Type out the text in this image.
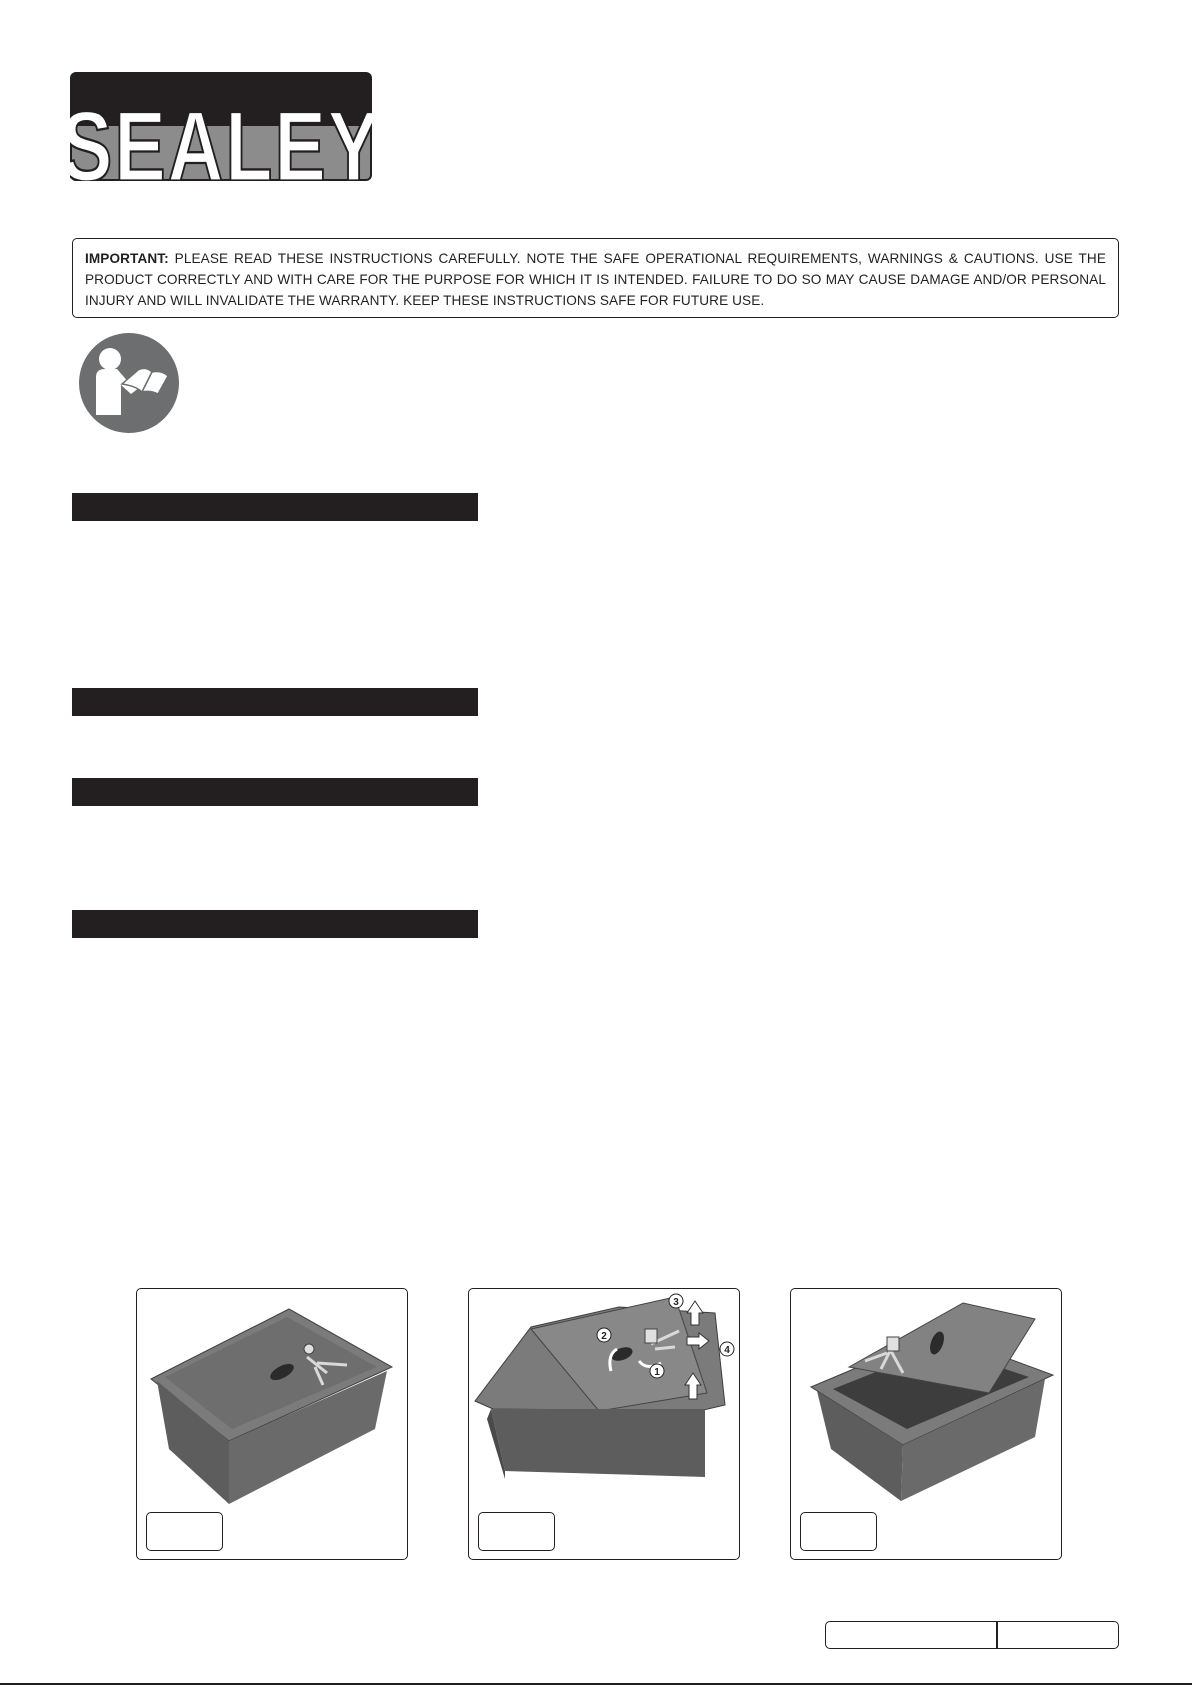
SEALEY
IMPORTANT: PLEASE READ THESE INSTRUCTIONS CAREFULLY. NOTE THE SAFE OPERATIONAL REQUIREMENTS, WARNINGS & CAUTIONS. USE THE PRODUCT CORRECTLY AND WITH CARE FOR THE PURPOSE FOR WHICH IT IS INTENDED. FAILURE TO DO SO MAY CAUSE DAMAGE AND/OR PERSONAL INJURY AND WILL INVALIDATE THE WARRANTY. KEEP THESE INSTRUCTIONS SAFE FOR FUTURE USE.
1
2
3
4
